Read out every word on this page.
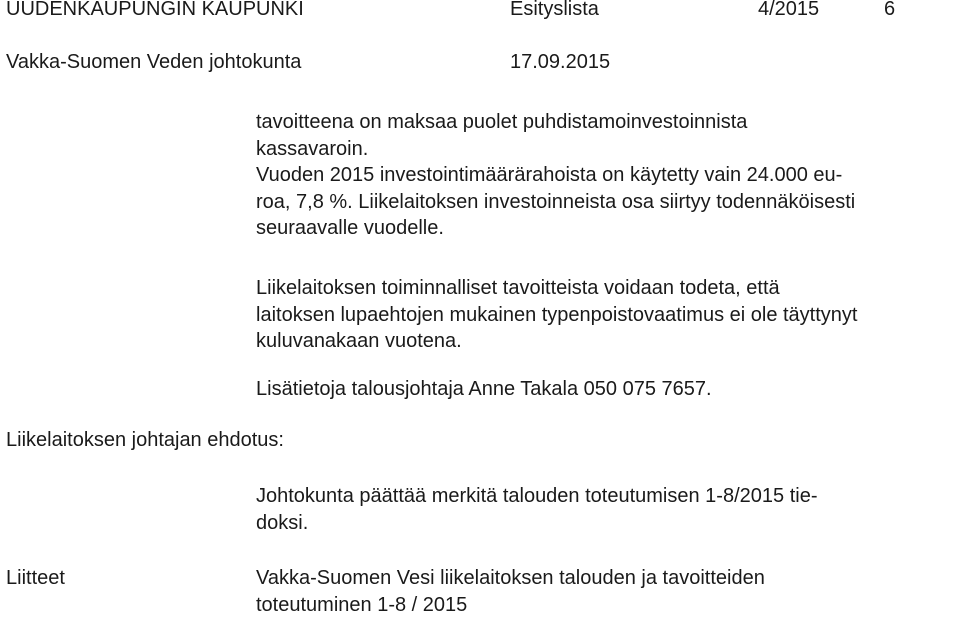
UUDENKAUPUNGIN KAUPUNKI	Esityslista	4/2015	6
Vakka-Suomen Veden johtokunta	17.09.2015
tavoitteena on maksaa puolet puhdistamoinvestoinnista
kassavaroin.
Vuoden 2015 investointimäärärahoista on käytetty vain 24.000 eu-
roa, 7,8 %. Liikelaitoksen investoinneista osa siirtyy todennäköisesti
seuraavalle vuodelle.
Liikelaitoksen toiminnalliset tavoitteista voidaan todeta, että
laitoksen lupaehtojen mukainen typenpoistovaatimus ei ole täyttynyt
kuluvanakaan vuotena.
Lisätietoja talousjohtaja Anne Takala 050 075 7657.
Liikelaitoksen johtajan ehdotus:
Johtokunta päättää merkitä talouden toteutumisen 1-8/2015 tie-
doksi.
Liitteet	Vakka-Suomen Vesi liikelaitoksen talouden ja tavoitteiden
toteutuminen 1-8 / 2015
